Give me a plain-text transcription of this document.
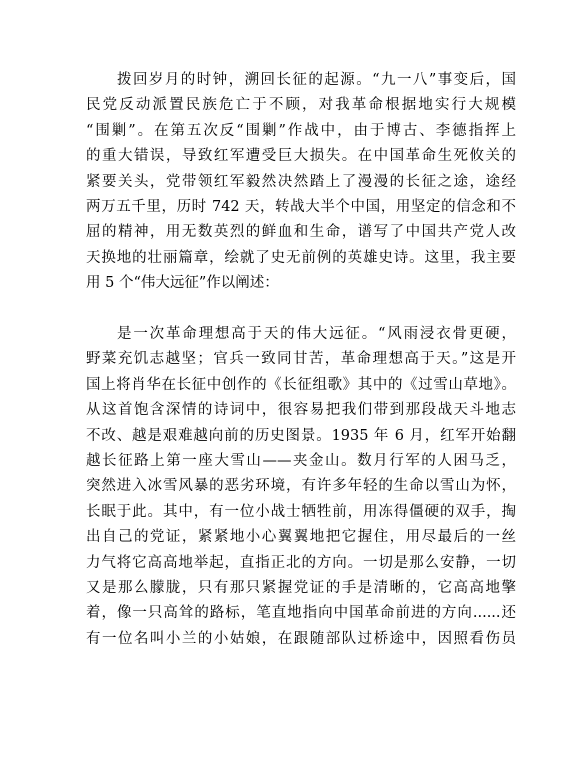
拨回岁月的时钟，溯回长征的起源。“九一八”事变后，国
民党反动派置民族危亡于不顾，对我革命根据地实行大规模
“围剿”。在第五次反“围剿”作战中，由于博古、李德指挥上
的重大错误，导致红军遭受巨大损失。在中国革命生死攸关的
紧要关头，党带领红军毅然决然踏上了漫漫的长征之途，途经
两万五千里，历时 742 天，转战大半个中国，用坚定的信念和不
屈的精神，用无数英烈的鲜血和生命，谱写了中国共产党人改
天换地的壮丽篇章，绘就了史无前例的英雄史诗。这里，我主要
用 5 个“伟大远征”作以阐述：
是一次革命理想高于天的伟大远征。“风雨浸衣骨更硬，
野菜充饥志越坚；官兵一致同甘苦，革命理想高于天。”这是开
国上将肖华在长征中创作的《长征组歌》其中的《过雪山草地》。
从这首饱含深情的诗词中，很容易把我们带到那段战天斗地志
不改、越是艰难越向前的历史图景。1935 年 6 月，红军开始翻
越长征路上第一座大雪山——夹金山。数月行军的人困马乏，
突然进入冰雪风暴的恶劣环境，有许多年轻的生命以雪山为怀，
长眠于此。其中，有一位小战士牺牲前，用冻得僵硬的双手，掏
出自己的党证，紧紧地小心翼翼地把它握住，用尽最后的一丝
力气将它高高地举起，直指正北的方向。一切是那么安静，一切
又是那么朦胧，只有那只紧握党证的手是清晰的，它高高地擎
着，像一只高耸的路标，笔直地指向中国革命前进的方向......还
有一位名叫小兰的小姑娘，在跟随部队过桥途中，因照看伤员
